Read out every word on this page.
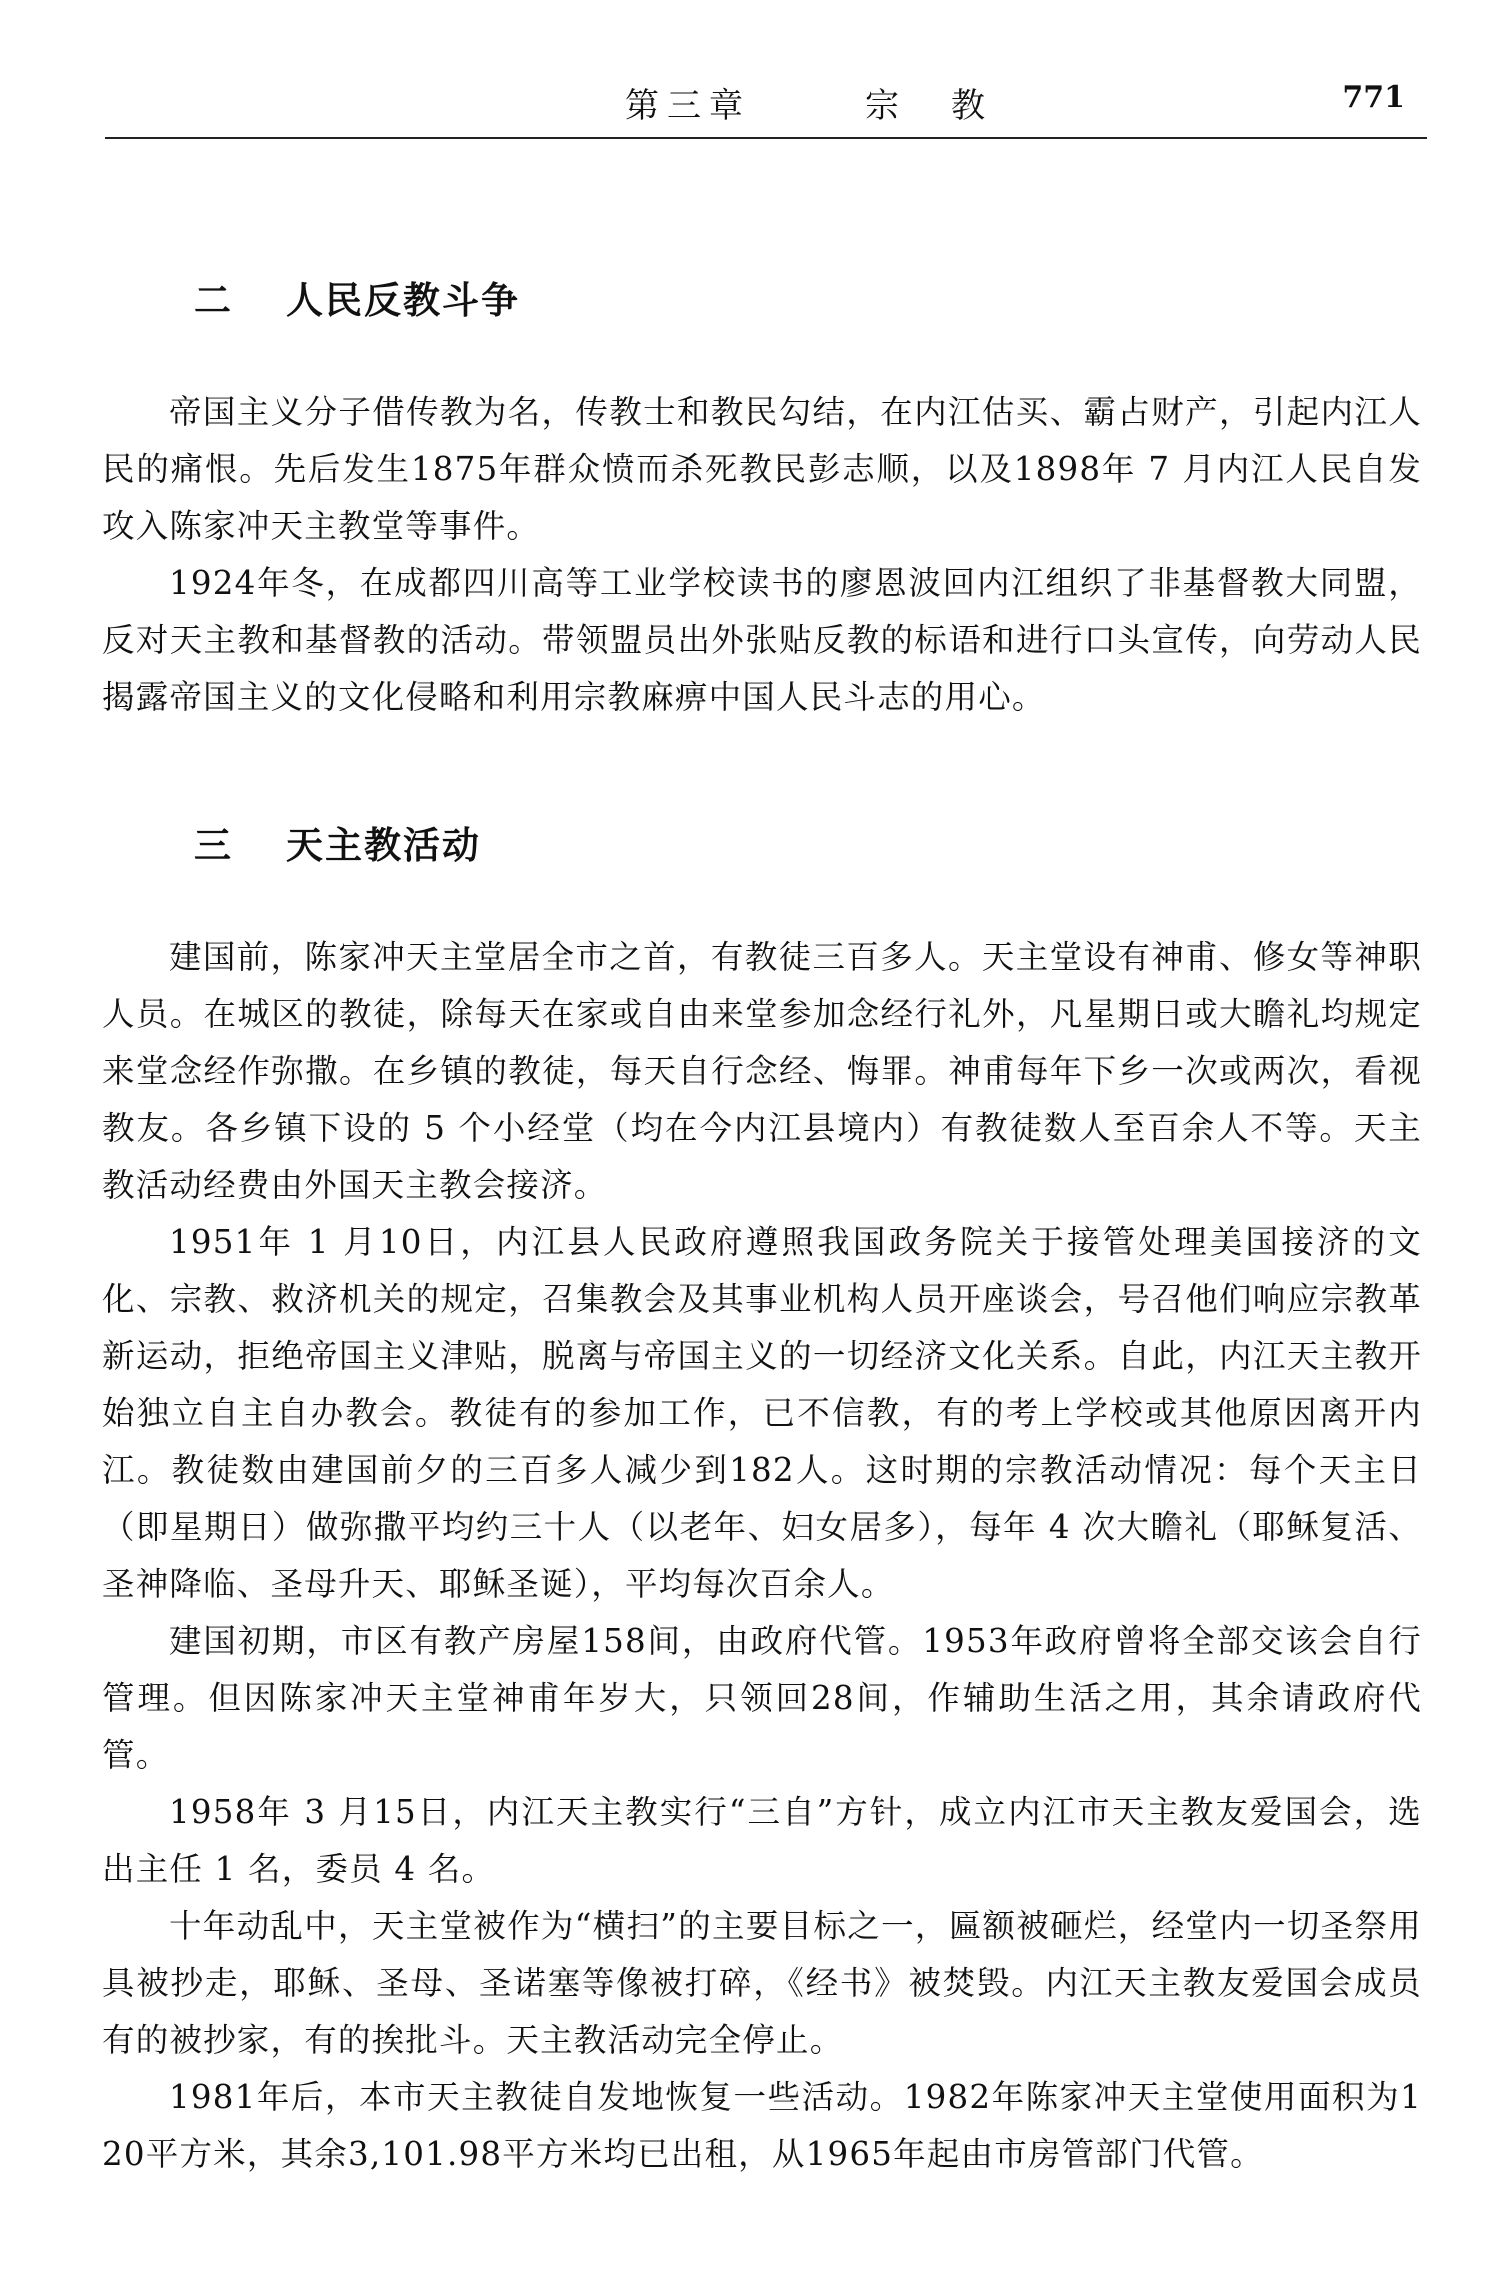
第三章	宗教	771
二 人民反教斗争

帝国主义分子借传教为名，传教士和教民勾结，在内江估买、霸占财产，引起内江人民的痛恨。先后发生1875年群众愤而杀死教民彭志顺，以及1898年 7 月内江人民自发攻入陈家冲天主教堂等事件。

1924年冬，在成都四川高等工业学校读书的廖恩波回内江组织了非基督教大同盟，反对天主教和基督教的活动。带领盟员出外张贴反教的标语和进行口头宣传，向劳动人民揭露帝国主义的文化侵略和利用宗教麻痹中国人民斗志的用心。

三 天主教活动

建国前，陈家冲天主堂居全市之首，有教徒三百多人。天主堂设有神甫、修女等神职人员。在城区的教徒，除每天在家或自由来堂参加念经行礼外，凡星期日或大瞻礼均规定来堂念经作弥撒。在乡镇的教徒，每天自行念经、悔罪。神甫每年下乡一次或两次，看视教友。各乡镇下设的 5 个小经堂（均在今内江县境内）有教徒数人至百余人不等。天主教活动经费由外国天主教会接济。

1951年 1 月10日，内江县人民政府遵照我国政务院关于接管处理美国接济的文化、宗教、救济机关的规定，召集教会及其事业机构人员开座谈会，号召他们响应宗教革新运动，拒绝帝国主义津贴，脱离与帝国主义的一切经济文化关系。自此，内江天主教开始独立自主自办教会。教徒有的参加工作，已不信教，有的考上学校或其他原因离开内江。教徒数由建国前夕的三百多人减少到182人。这时期的宗教活动情况：每个天主日（即星期日）做弥撒平均约三十人（以老年、妇女居多），每年 4 次大瞻礼（耶稣复活、圣神降临、圣母升天、耶稣圣诞），平均每次百余人。

建国初期，市区有教产房屋158间，由政府代管。1953年政府曾将全部交该会自行管理。但因陈家冲天主堂神甫年岁大，只领回28间，作辅助生活之用，其余请政府代管。

1958年 3 月15日，内江天主教实行“三自”方针，成立内江市天主教友爱国会，选出主任 1 名，委员 4 名。

十年动乱中，天主堂被作为“横扫”的主要目标之一，匾额被砸烂，经堂内一切圣祭用具被抄走，耶稣、圣母、圣诺塞等像被打碎，《经书》被焚毁。内江天主教友爱国会成员有的被抄家，有的挨批斗。天主教活动完全停止。

1981年后，本市天主教徒自发地恢复一些活动。1982年陈家冲天主堂使用面积为120平方米，其余3,101.98平方米均已出租，从1965年起由市房管部门代管。
